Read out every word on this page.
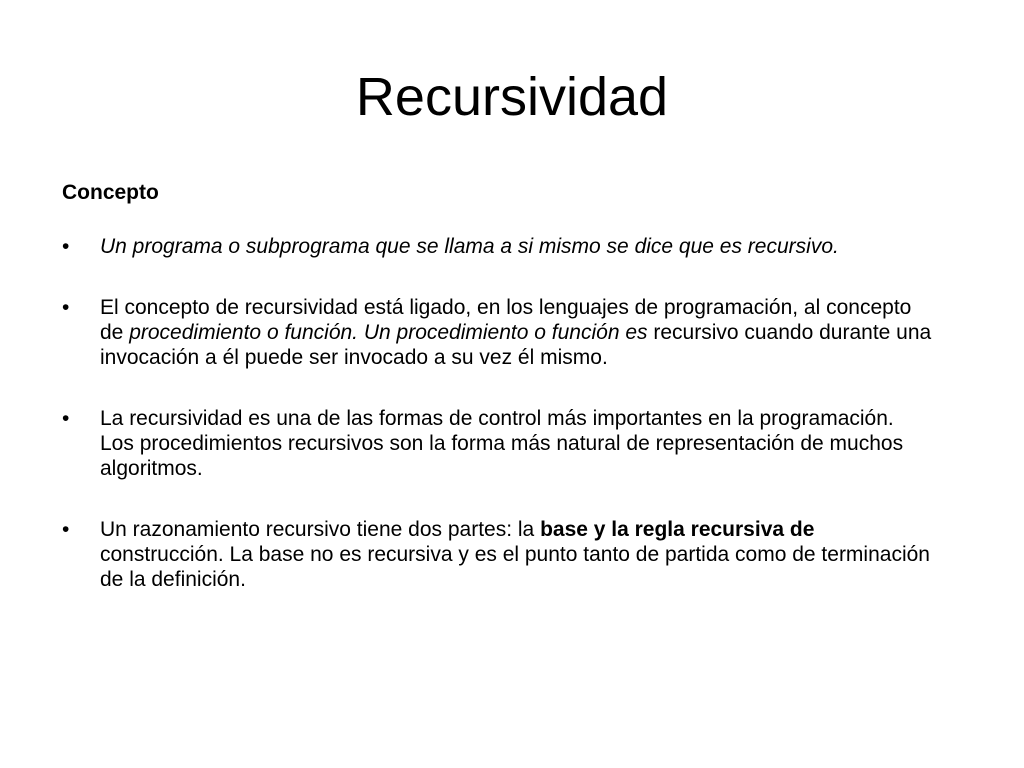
Recursividad
Concepto
•	Un programa o subprograma que se llama a si mismo se dice que es recursivo.
•	El concepto de recursividad está ligado, en los lenguajes de programación, al concepto de procedimiento o función. Un procedimiento o función es recursivo cuando durante una invocación a él puede ser invocado a su vez él mismo.
•	La recursividad es una de las formas de control más importantes en la programación. Los procedimientos recursivos son la forma más natural de representación de muchos algoritmos.
•	Un razonamiento recursivo tiene dos partes: la base y la regla recursiva de construcción. La base no es recursiva y es el punto tanto de partida como de terminación de la definición.
